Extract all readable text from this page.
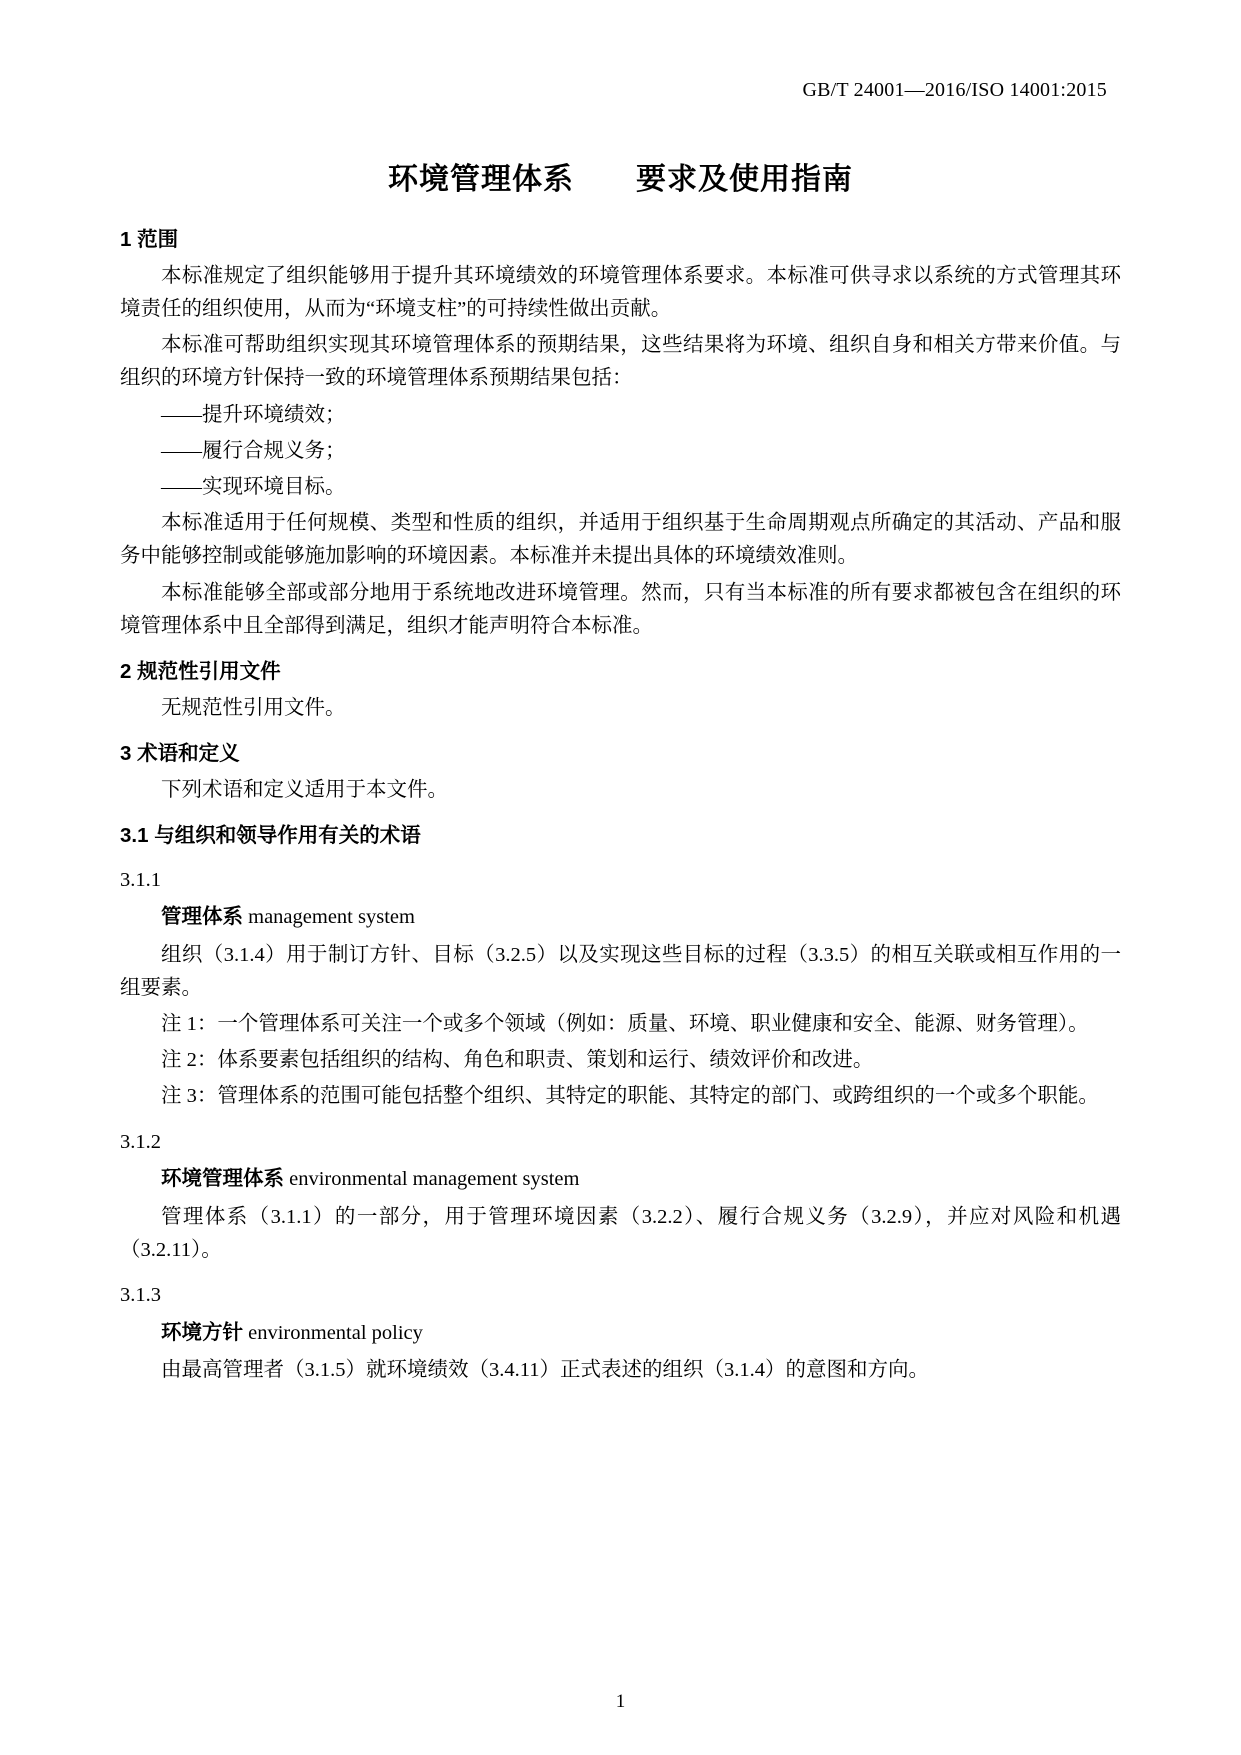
GB/T 24001—2016/ISO 14001:2015
环境管理体系　　要求及使用指南
1 范围

本标准规定了组织能够用于提升其环境绩效的环境管理体系要求。本标准可供寻求以系统的方式管理其环境责任的组织使用，从而为“环境支柱”的可持续性做出贡献。

本标准可帮助组织实现其环境管理体系的预期结果，这些结果将为环境、组织自身和相关方带来价值。与组织的环境方针保持一致的环境管理体系预期结果包括：

——提升环境绩效；

——履行合规义务；

——实现环境目标。

本标准适用于任何规模、类型和性质的组织，并适用于组织基于生命周期观点所确定的其活动、产品和服务中能够控制或能够施加影响的环境因素。本标准并未提出具体的环境绩效准则。

本标准能够全部或部分地用于系统地改进环境管理。然而，只有当本标准的所有要求都被包含在组织的环境管理体系中且全部得到满足，组织才能声明符合本标准。

2 规范性引用文件

无规范性引用文件。

3 术语和定义

下列术语和定义适用于本文件。

3.1 与组织和领导作用有关的术语
3.1.1
管理体系 management system

组织（3.1.4）用于制订方针、目标（3.2.5）以及实现这些目标的过程（3.3.5）的相互关联或相互作用的一组要素。

注 1：一个管理体系可关注一个或多个领域（例如：质量、环境、职业健康和安全、能源、财务管理）。

注 2：体系要素包括组织的结构、角色和职责、策划和运行、绩效评价和改进。

注 3：管理体系的范围可能包括整个组织、其特定的职能、其特定的部门、或跨组织的一个或多个职能。

3.1.2
环境管理体系 environmental management system

管理体系（3.1.1）的一部分，用于管理环境因素（3.2.2）、履行合规义务（3.2.9），并应对风险和机遇（3.2.11）。

3.1.3
环境方针 environmental policy

由最高管理者（3.1.5）就环境绩效（3.4.11）正式表述的组织（3.1.4）的意图和方向。

1
